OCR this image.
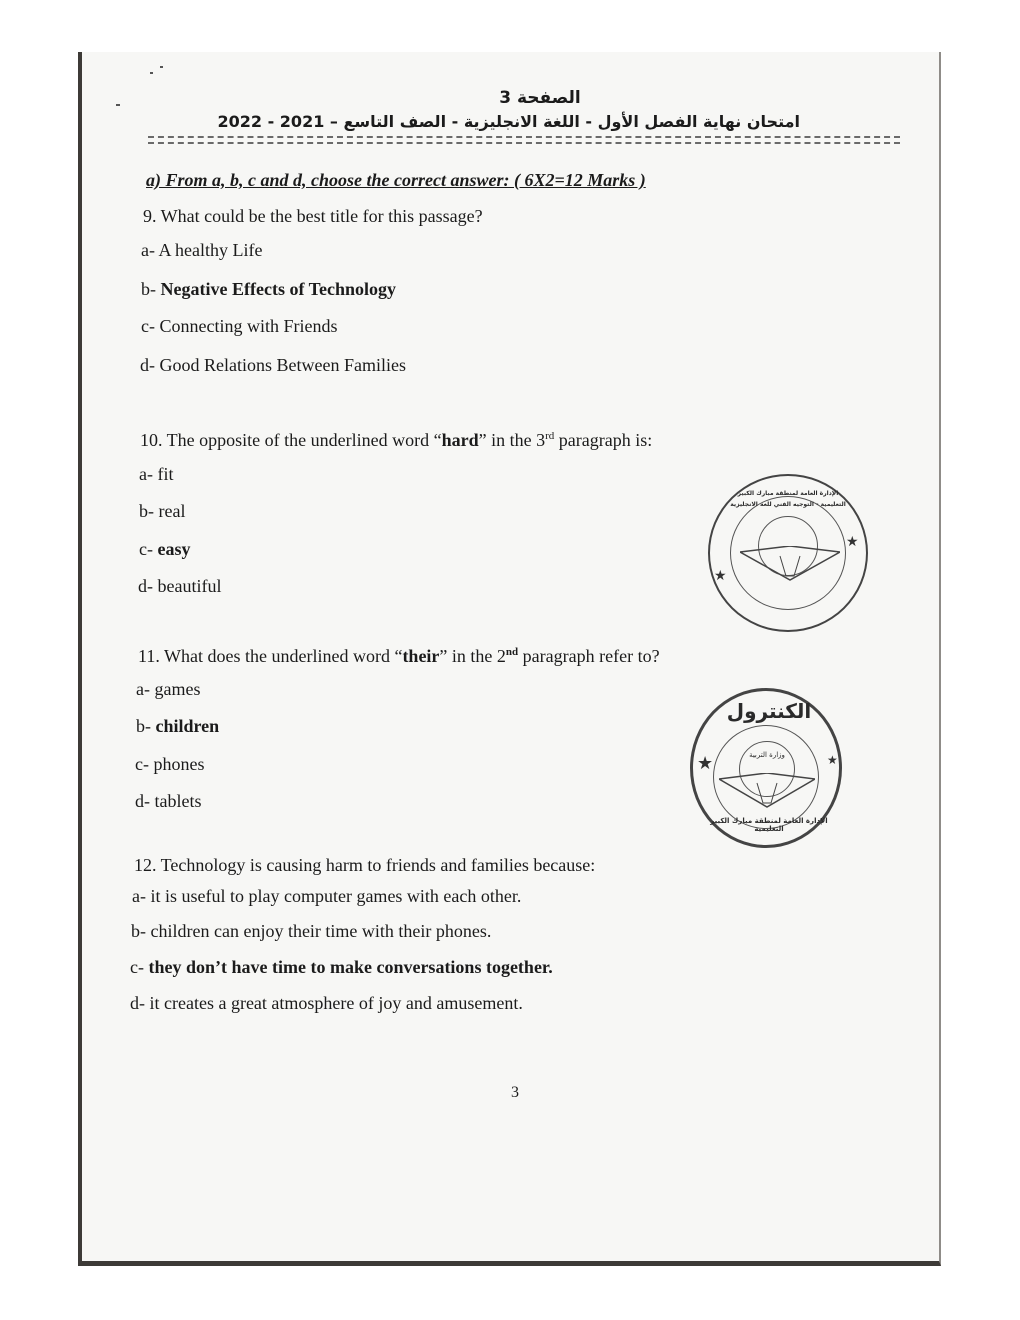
الصفحة 3
امتحان نهاية الفصل الأول - اللغة الانجليزية - الصف التاسع – 2021 - 2022
a) From a, b, c and d, choose the correct answer: ( 6X2=12 Marks )
9. What could be the best title for this passage?
a- A healthy Life
b- Negative Effects of Technology
c- Connecting with Friends
d- Good Relations Between Families
10. The opposite of the underlined word “hard” in the 3rd paragraph is:
a- fit
b- real
c- easy
d- beautiful
11. What does the underlined word “their” in the 2nd paragraph refer to?
a- games
b- children
c- phones
d- tablets
12. Technology is causing harm to friends and families because:
a- it is useful to play computer games with each other.
b- children can enjoy their time with their phones.
c- they don’t have time to make conversations together.
d- it creates a great atmosphere of joy and amusement.
★
★
الإدارة العامة لمنطقة مبارك الكبير التعليمية - التوجيه الفني للغة الانجليزية
الكنترول
★	★
وزارة التربية
الإدارة العامة لمنطقة مبارك الكبير التعليمية
3
